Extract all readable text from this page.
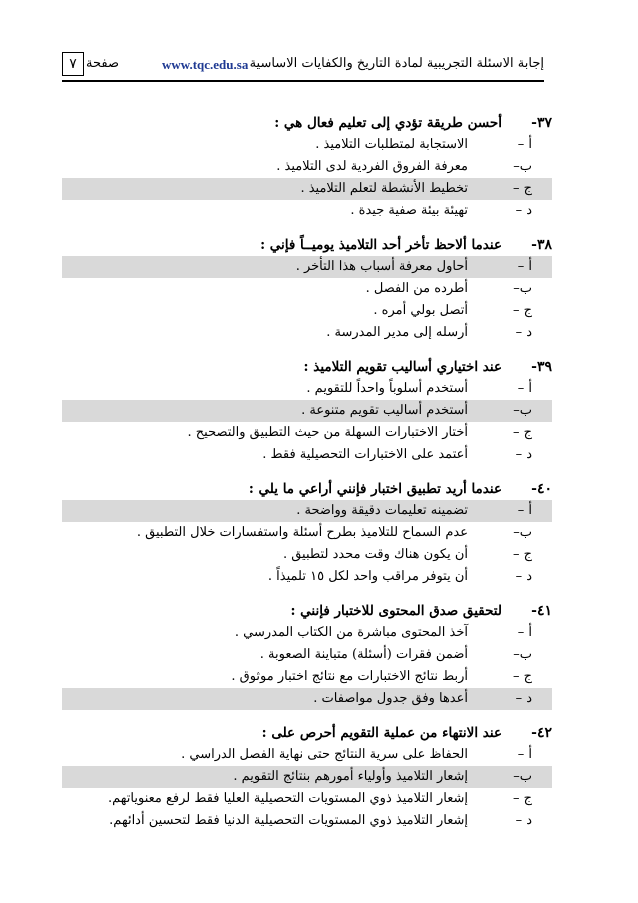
إجابة الاسئلة التجريبية لمادة التاريخ والكفايات الاساسية
www.tqc.edu.sa
صفحة
٧
٣٧-
أحسن طريقة تؤدي إلى تعليم فعال هي :
أ –
الاستجابة لمتطلبات التلاميذ .
ب–
معرفة الفروق الفردية لدى التلاميذ .
ج –
تخطيط الأنشطة لتعلم التلاميذ .
د –
تهيئة بيئة صفية جيدة .
٣٨-
عندما ألاحظ تأخر أحد التلاميذ يوميــاً فإني :
أ –
أحاول معرفة أسباب هذا التأخر .
ب–
أطرده من الفصل .
ج –
أتصل بولي أمره .
د –
أرسله إلى مدير المدرسة .
٣٩-
عند اختياري أساليب تقويم التلاميذ :
أ –
أستخدم أسلوباً واحداً للتقويم .
ب–
أستخدم أساليب تقويم متنوعة .
ج –
أختار الاختبارات السهلة من حيث التطبيق والتصحيح .
د –
أعتمد على الاختبارات التحصيلية فقط .
٤٠-
عندما أريد تطبيق اختبار فإنني أراعي ما يلي :
أ –
تضمينه تعليمات دقيقة وواضحة .
ب–
عدم السماح للتلاميذ بطرح أسئلة واستفسارات خلال التطبيق .
ج –
أن يكون هناك وقت محدد لتطبيق .
د –
أن يتوفر مراقب واحد لكل ١٥ تلميذاً .
٤١-
لتحقيق صدق المحتوى للاختبار فإنني :
أ –
آخذ المحتوى مباشرة من الكتاب المدرسي .
ب–
أضمن فقرات (أسئلة) متباينة الصعوبة .
ج –
أربط نتائج الاختبارات مع نتائج اختبار موثوق .
د –
أعدها وفق جدول مواصفات .
٤٢-
عند الانتهاء من عملية التقويم أحرص على :
أ –
الحفاظ على سرية النتائج حتى نهاية الفصل الدراسي .
ب–
إشعار التلاميذ وأولياء أمورهم بنتائج التقويم .
ج –
إشعار التلاميذ ذوي المستويات التحصيلية العليا فقط لرفع معنوياتهم.
د –
إشعار التلاميذ ذوي المستويات التحصيلية الدنيا فقط لتحسين أدائهم.
